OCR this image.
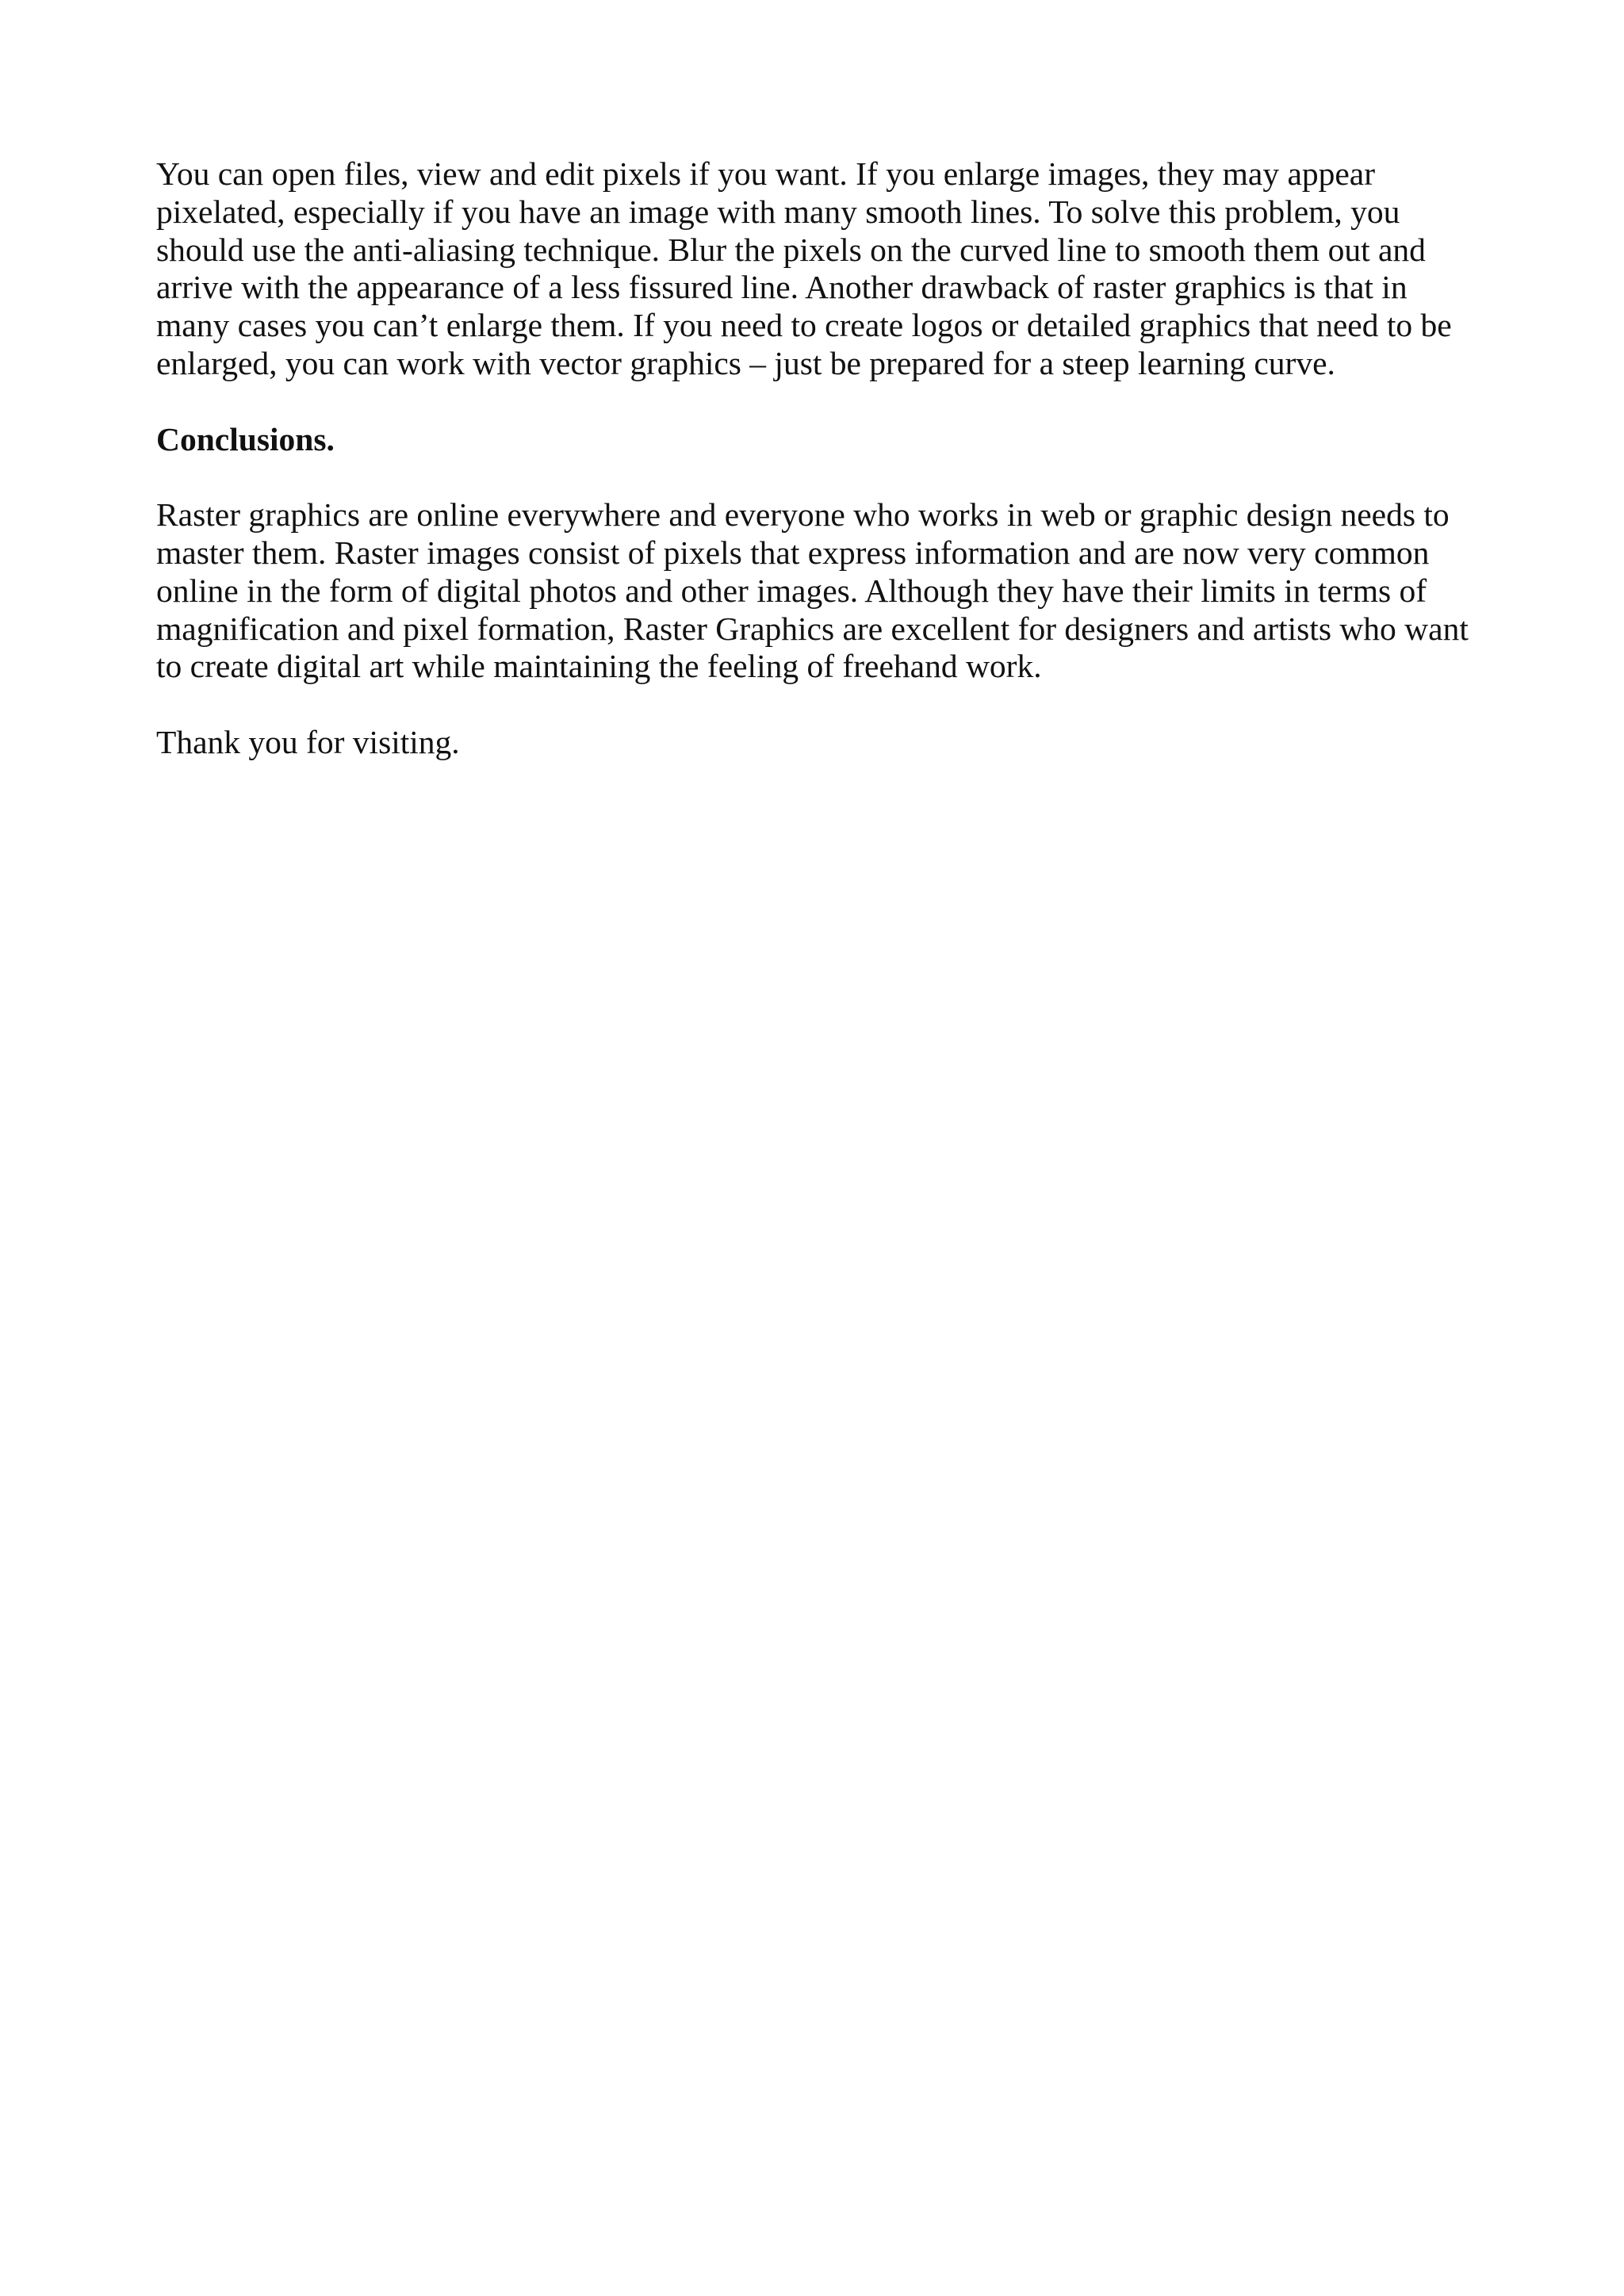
You can open files, view and edit pixels if you want. If you enlarge images, they may appear pixelated, especially if you have an image with many smooth lines. To solve this problem, you should use the anti-aliasing technique. Blur the pixels on the curved line to smooth them out and arrive with the appearance of a less fissured line. Another drawback of raster graphics is that in many cases you can’t enlarge them. If you need to create logos or detailed graphics that need to be enlarged, you can work with vector graphics – just be prepared for a steep learning curve.

Conclusions.

Raster graphics are online everywhere and everyone who works in web or graphic design needs to master them. Raster images consist of pixels that express information and are now very common online in the form of digital photos and other images. Although they have their limits in terms of magnification and pixel formation, Raster Graphics are excellent for designers and artists who want to create digital art while maintaining the feeling of freehand work.

Thank you for visiting.
